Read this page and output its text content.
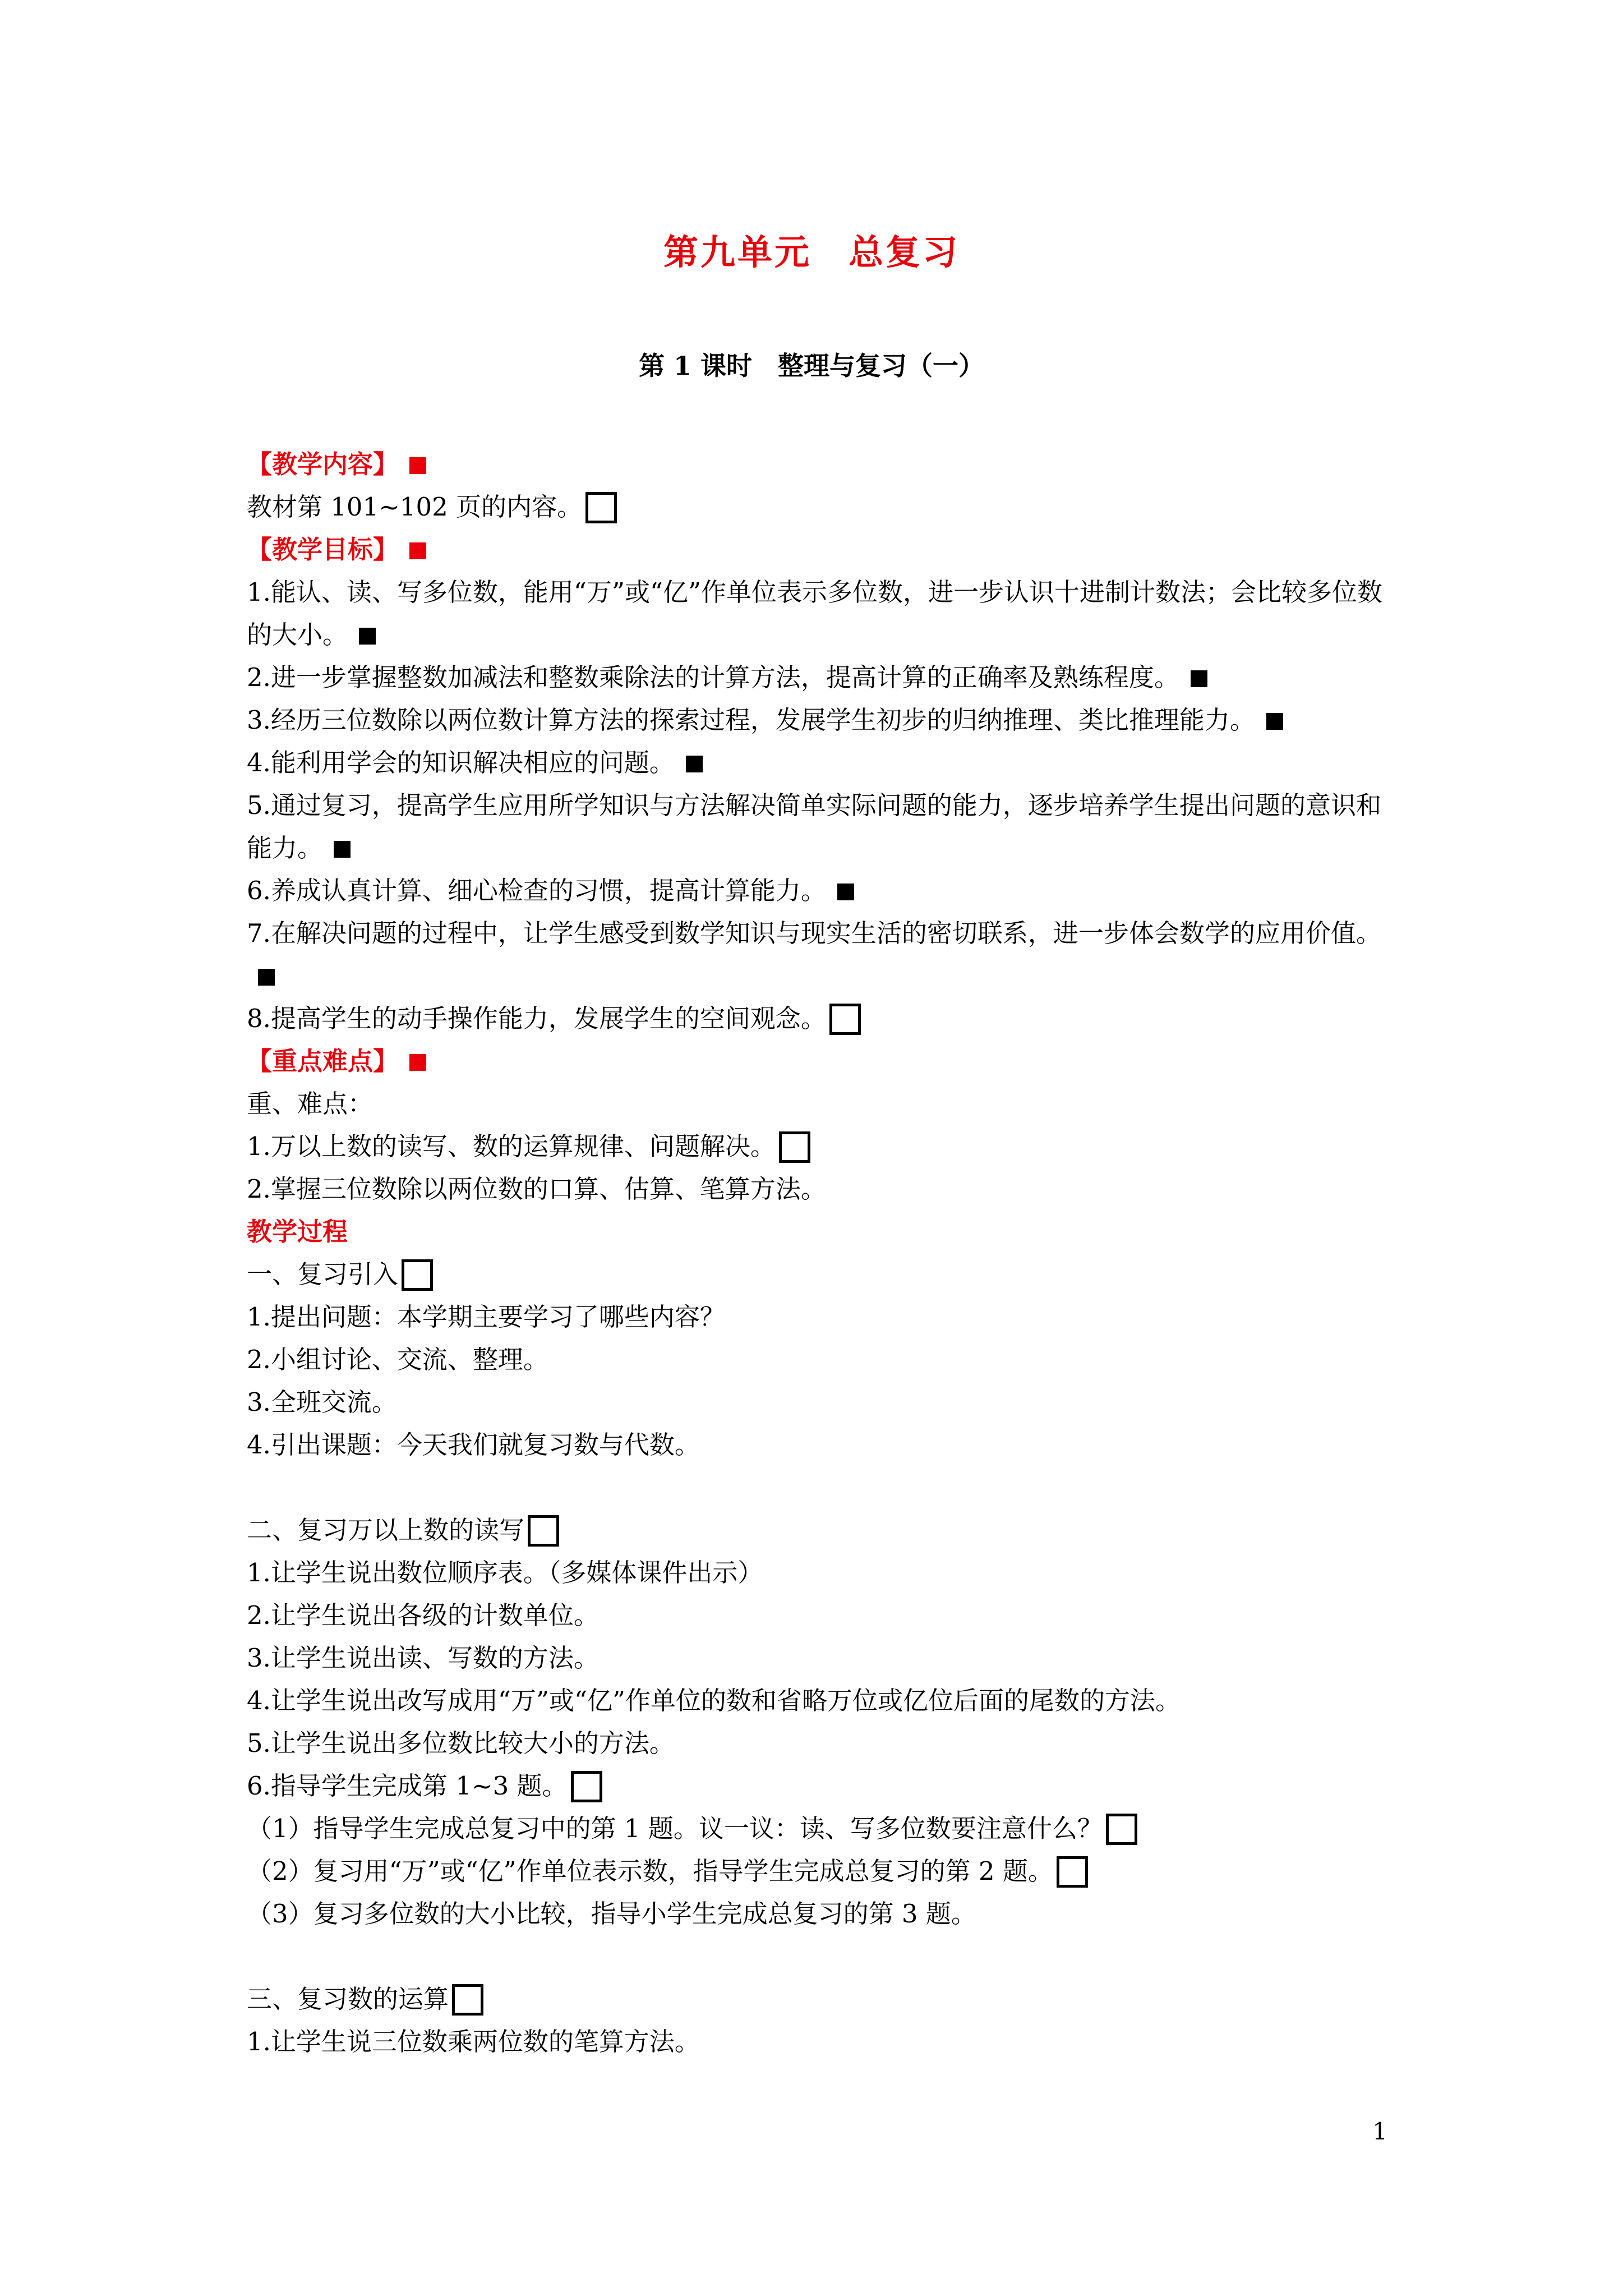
第九单元　总复习
第 1 课时　整理与复习（一）
【教学内容】
教材第 101~102 页的内容。
【教学目标】
1.能认、读、写多位数，能用“万”或“亿”作单位表示多位数，进一步认识十进制计数法；会比较多位数的大小。
2.进一步掌握整数加减法和整数乘除法的计算方法，提高计算的正确率及熟练程度。
3.经历三位数除以两位数计算方法的探索过程，发展学生初步的归纳推理、类比推理能力。
4.能利用学会的知识解决相应的问题。
5.通过复习，提高学生应用所学知识与方法解决简单实际问题的能力，逐步培养学生提出问题的意识和能力。
6.养成认真计算、细心检查的习惯，提高计算能力。
7.在解决问题的过程中，让学生感受到数学知识与现实生活的密切联系，进一步体会数学的应用价值。
8.提高学生的动手操作能力，发展学生的空间观念。
【重点难点】
重、难点：
1.万以上数的读写、数的运算规律、问题解决。
2.掌握三位数除以两位数的口算、估算、笔算方法。
教学过程
一、复习引入
1.提出问题：本学期主要学习了哪些内容？
2.小组讨论、交流、整理。
3.全班交流。
4.引出课题：今天我们就复习数与代数。
二、复习万以上数的读写
1.让学生说出数位顺序表。（多媒体课件出示）
2.让学生说出各级的计数单位。
3.让学生说出读、写数的方法。
4.让学生说出改写成用“万”或“亿”作单位的数和省略万位或亿位后面的尾数的方法。
5.让学生说出多位数比较大小的方法。
6.指导学生完成第 1~3 题。
（1）指导学生完成总复习中的第 1 题。议一议：读、写多位数要注意什么？
（2）复习用“万”或“亿”作单位表示数，指导学生完成总复习的第 2 题。
（3）复习多位数的大小比较，指导小学生完成总复习的第 3 题。
三、复习数的运算
1.让学生说三位数乘两位数的笔算方法。
1
